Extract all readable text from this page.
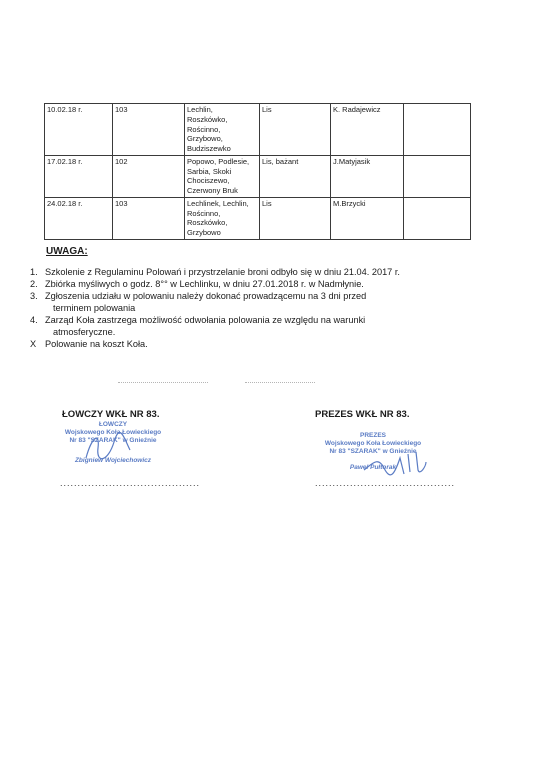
10.02.18 r.	103	Lechlin,
Roszkówko,
Rościnno,
Grzybowo,
Budziszewko	Lis	K. Radajewicz	
17.02.18 r.	102	Popowo, Podlesie,
Sarbia, Skoki
Chociszewo,
Czerwony Bruk	Lis, bażant	J.Matyjasik	
24.02.18 r.	103	Lechlinek, Lechlin,
Rościnno,
Roszkówko,
Grzybowo	Lis	M.Brzycki	
UWAGA:
1. Szkolenie z Regulaminu Polowań i przystrzelanie broni odbyło się w dniu 21.04. 2017 r.
2. Zbiórka myśliwych o godz. 8°° w Lechlinku, w dniu 27.01.2018 r. w Nadmłynie.
3. Zgłoszenia udziału w polowaniu należy dokonać prowadzącemu na 3 dni przed
terminem polowania
4. Zarząd Koła zastrzega możliwość odwołania polowania ze względu na warunki
atmosferyczne.
X Polowanie na koszt Koła.
ŁOWCZY WKŁ NR 83.
ŁOWCZY
Wojskowego Koła Łowieckiego
Nr 83 "SZARAK" w Gnieźnie
Zbigniew Wojciechowicz
........................................
PREZES WKŁ NR 83.
PREZES
Wojskowego Koła Łowieckiego
Nr 83 "SZARAK" w Gnieźnie
Paweł Pułtorak
........................................
